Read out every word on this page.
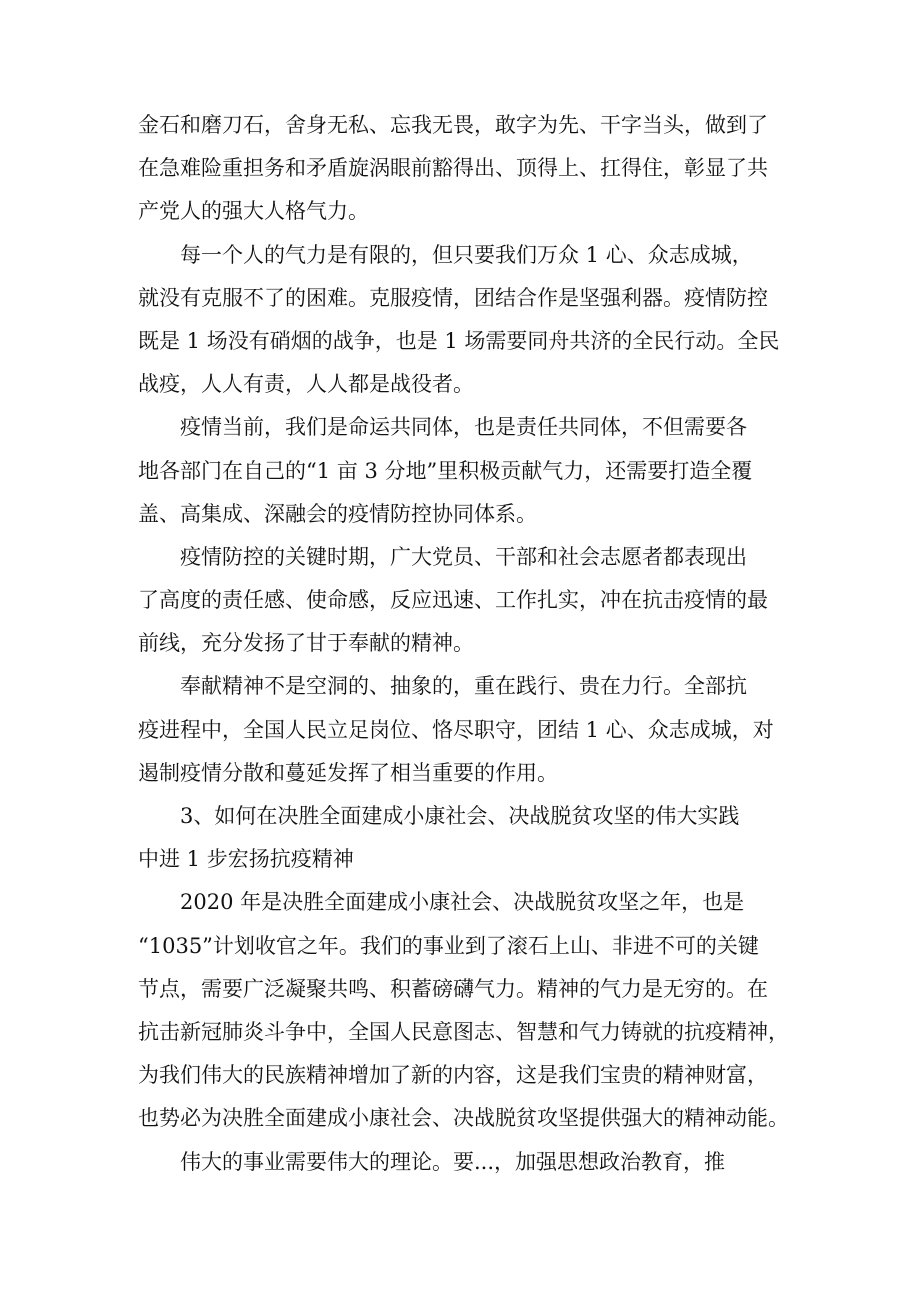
金石和磨刀石，舍身无私、忘我无畏，敢字为先、干字当头，做到了
在急难险重担务和矛盾旋涡眼前豁得出、顶得上、扛得住，彰显了共
产党人的强大人格气力。

每一个人的气力是有限的，但只要我们万众 1 心、众志成城，
就没有克服不了的困难。克服疫情，团结合作是坚强利器。疫情防控
既是 1 场没有硝烟的战争，也是 1 场需要同舟共济的全民行动。全民
战疫，人人有责，人人都是战役者。

疫情当前，我们是命运共同体，也是责任共同体，不但需要各
地各部门在自己的“1 亩 3 分地”里积极贡献气力，还需要打造全覆
盖、高集成、深融会的疫情防控协同体系。

疫情防控的关键时期，广大党员、干部和社会志愿者都表现出
了高度的责任感、使命感，反应迅速、工作扎实，冲在抗击疫情的最
前线，充分发扬了甘于奉献的精神。

奉献精神不是空洞的、抽象的，重在践行、贵在力行。全部抗
疫进程中，全国人民立足岗位、恪尽职守，团结 1 心、众志成城，对
遏制疫情分散和蔓延发挥了相当重要的作用。

3、如何在决胜全面建成小康社会、决战脱贫攻坚的伟大实践
中进 1 步宏扬抗疫精神

2020 年是决胜全面建成小康社会、决战脱贫攻坚之年，也是
“1035”计划收官之年。我们的事业到了滚石上山、非进不可的关键
节点，需要广泛凝聚共鸣、积蓄磅礴气力。精神的气力是无穷的。在
抗击新冠肺炎斗争中，全国人民意图志、智慧和气力铸就的抗疫精神，
为我们伟大的民族精神增加了新的内容，这是我们宝贵的精神财富，
也势必为决胜全面建成小康社会、决战脱贫攻坚提供强大的精神动能。

伟大的事业需要伟大的理论。要...，加强思想政治教育，推
